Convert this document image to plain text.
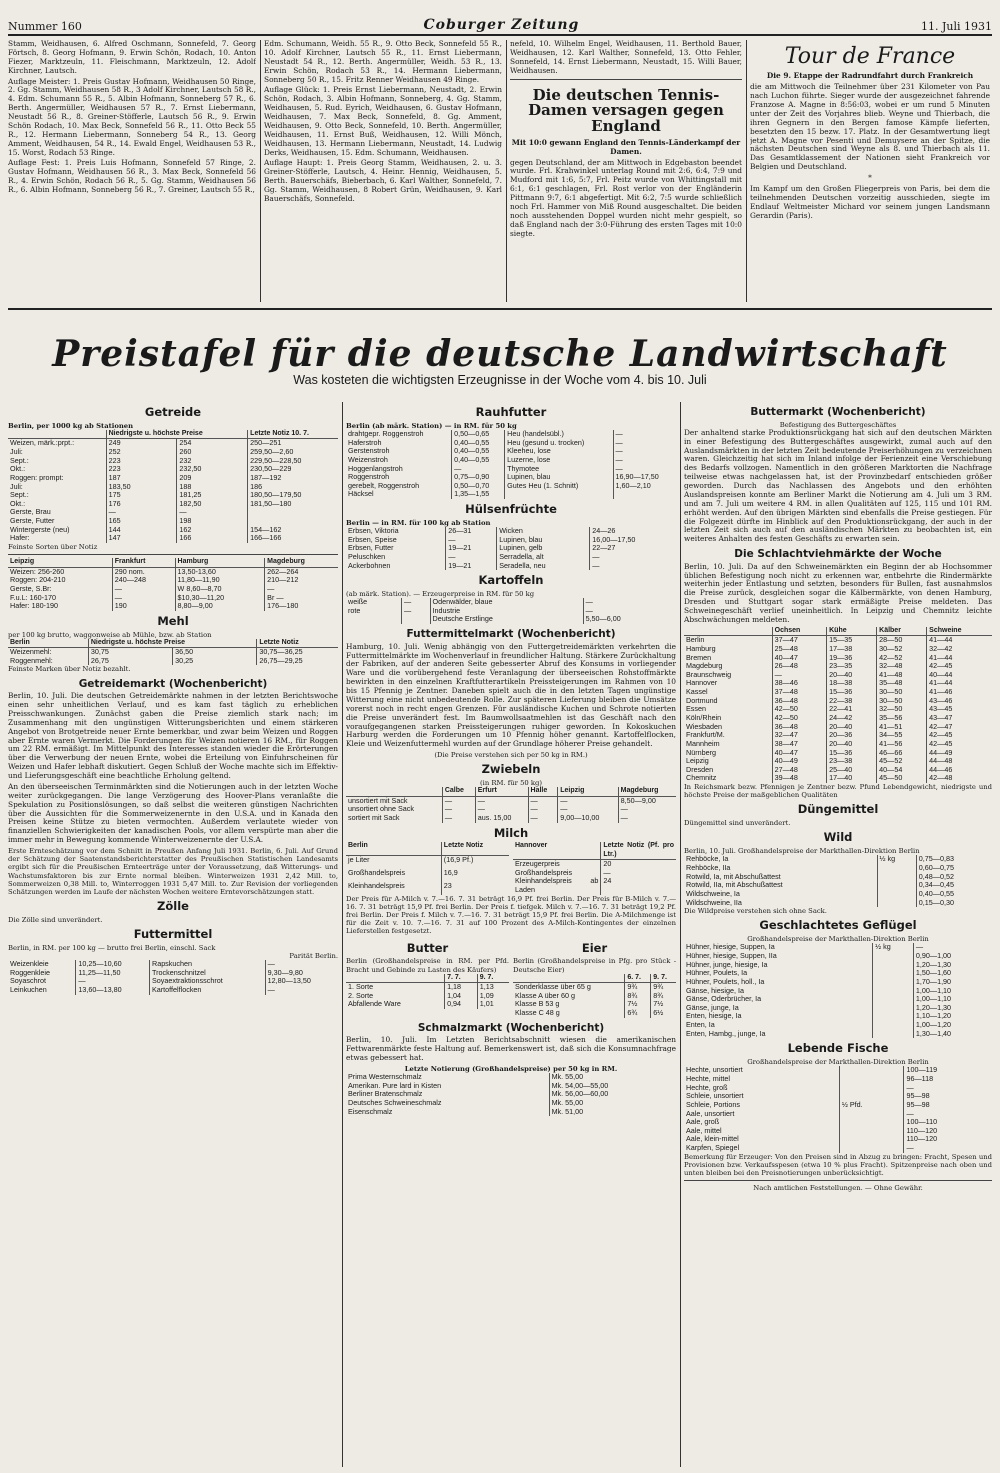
Nummer 160	Coburger Zeitung	11. Juli 1931

Stamm, Weidhausen, 6. Alfred Oschmann, Sonnefeld, 7. Georg Förtsch, 8. Georg Hofmann, 9. Erwin Schön, Rodach, 10. Anton Fiezer, Marktzeuln, 11. Fleischmann, Marktzeuln, 12. Adolf Kirchner, Lautsch.

Auflage Meister: 1. Preis Gustav Hofmann, Weidhausen 50 Ringe, 2. Gg. Stamm, Weidhausen 58 R., 3 Adolf Kirchner, Lautsch 58 R., 4. Edm. Schumann 55 R., 5. Albin Hofmann, Sonneberg 57 R., 6. Berth. Angermüller, Weidhausen 57 R., 7. Ernst Liebermann, Neustadt 56 R., 8. Greiner-Stöfferle, Lautsch 56 R., 9. Erwin Schön Rodach, 10. Max Beck, Sonnefeld 56 R., 11. Otto Beck 55 R., 12. Hermann Liebermann, Sonneberg 54 R., 13. Georg Amment, Weidhausen, 54 R., 14. Ewald Engel, Weidhausen 53 R., 15. Worst, Rodach 53 Ringe.

Auflage Fest: 1. Preis Luis Hofmann, Sonnefeld 57 Ringe, 2. Gustav Hofmann, Weidhausen 56 R., 3. Max Beck, Sonnefeld 56 R., 4. Erwin Schön, Rodach 56 R., 5. Gg. Stamm, Weidhausen 56 R., 6. Albin Hofmann, Sonneberg 56 R., 7. Greiner, Lautsch 55 R.,

Edm. Schumann, Weidh. 55 R., 9. Otto Beck, Sonnefeld 55 R., 10. Adolf Kirchner, Lautsch 55 R., 11. Ernst Liebermann, Neustadt 54 R., 12. Berth. Angermüller, Weidh. 53 R., 13. Erwin Schön, Rodach 53 R., 14. Hermann Liebermann, Sonneberg 50 R., 15. Fritz Renner Weidhausen 49 Ringe.

Auflage Glück: 1. Preis Ernst Liebermann, Neustadt, 2. Erwin Schön, Rodach, 3. Albin Hofmann, Sonneberg, 4. Gg. Stamm, Weidhausen, 5. Rud. Eyrich, Weidhausen, 6. Gustav Hofmann, Weidhausen, 7. Max Beck, Sonnefeld, 8. Gg. Amment, Weidhausen, 9. Otto Beck, Sonnefeld, 10. Berth. Angermüller, Weidhausen, 11. Ernst Buß, Weidhausen, 12. Willi Mönch, Weidhausen, 13. Hermann Liebermann, Neustadt, 14. Ludwig Derks, Weidhausen, 15. Edm. Schumann, Weidhausen.

Auflage Haupt: 1. Preis Georg Stamm, Weidhausen, 2. u. 3. Greiner-Stöfferle, Lautsch, 4. Heinr. Hennig, Weidhausen, 5. Berth. Bauerschäfs, Bieberbach, 6. Karl Walther, Sonnefeld, 7. Gg. Stamm, Weidhausen, 8 Robert Grün, Weidhausen, 9. Karl Bauerschäfs, Sonnefeld.

nefeld, 10. Wilhelm Engel, Weidhausen, 11. Berthold Bauer, Weidhausen, 12. Karl Walther, Sonnefeld, 13. Otto Fehler, Sonnefeld, 14. Ernst Liebermann, Neustadt, 15. Willi Bauer, Weidhausen.

Die deutschen Tennis-Damen versagen gegen England

Mit 10:0 gewann England den Tennis-Länderkampf der Damen.

gegen Deutschland, der am Mittwoch in Edgebaston beendet wurde. Frl. Krahwinkel unterlag Round mit 2:6, 6:4, 7:9 und Mudford mit 1:6, 5:7, Frl. Peitz wurde von Whittingstall mit 6:1, 6:1 geschlagen, Frl. Rost verlor von der Engländerin Pittmann 9:7, 6:1 abgefertigt. Mit 6:2, 7:5 wurde schließlich noch Frl. Hammer von Miß Round ausgeschaltet. Die beiden noch ausstehenden Doppel wurden nicht mehr gespielt, so daß England nach der 3:0-Führung des ersten Tages mit 10:0 siegte.

Tour de France

Die 9. Etappe der Radrundfahrt durch Frankreich

die am Mittwoch die Teilnehmer über 231 Kilometer von Pau nach Luchon führte. Sieger wurde der ausgezeichnet fahrende Franzose A. Magne in 8:56:03, wobei er um rund 5 Minuten unter der Zeit des Vorjahres blieb. Weyne und Thierbach, die ihren Gegnern in den Bergen famose Kämpfe lieferten, besetzten den 15 bezw. 17. Platz. In der Gesamtwertung liegt jetzt A. Magne vor Pesenti und Demuysere an der Spitze, die nächsten Deutschen sind Weyne als 8. und Thierbach als 11. Das Gesamtklassement der Nationen sieht Frankreich vor Belgien und Deutschland.

*

Im Kampf um den Großen Fliegerpreis von Paris, bei dem die teilnehmenden Deutschen vorzeitig ausschieden, siegte im Endlauf Weltmeister Michard vor seinem jungen Landsmann Gerardin (Paris).

Preistafel für die deutsche Landwirtschaft
Was kosteten die wichtigsten Erzeugnisse in der Woche vom 4. bis 10. Juli
Getreide
Berlin, per 1000 kg ab Stationen
	Niedrigste u. höchste Preise		Letzte Notiz 10. 7.
Weizen, märk.:prpt.:	249	254	250—251
Juli:	252	260	259,50—2,60
Sept.:	223	232	229,50—228,50
Okt.:	223	232,50	230,50—229
Roggen: prompt:	187	209	187—192
Juli:	183,50	188	186
Sept.:	175	181,25	180,50—179,50
Okt.:	176	182,50	181,50—180
Gerste, Brau	—	—	
Gerste, Futter	165	198	
Wintergerste (neu)	144	162	154—162
Hafer:	147	166	166—166
Feinste Sorten über Notiz
Leipzig	Frankfurt	Hamburg	Magdeburg
Weizen: 256-260	290 nom.	13,50-13,60	262—264
Roggen: 204-210	240—248	11,80—11,90	210—212
Gerste, S.Br:	—	W 8,60—8,70	—
F.u.L: 160-170	—	$10,30—11,20	Br —
Hafer: 180-190	190	8,80—9,00	176—180
Mehl
per 100 kg brutto, waggonweise ab Mühle, bzw. ab Station
Berlin	Niedrigste u. höchste Preise		Letzte Notiz
Weizenmehl:	30,75	36,50	30,75—36,25
Roggenmehl:	26,75	30,25	26,75—29,25
Feinste Marken über Notiz bezahlt.
Getreidemarkt (Wochenbericht)

Berlin, 10. Juli. Die deutschen Getreidemärkte nahmen in der letzten Berichtswoche einen sehr unheitlichen Verlauf, und es kam fast täglich zu erheblichen Preisschwankungen. Zunächst gaben die Preise ziemlich stark nach; im Zusammenhang mit den ungünstigen Witterungsberichten und einem stärkeren Angebot von Brotgetreide neuer Ernte bemerkbar, und zwar beim Weizen und Roggen aber Ernte waren Vermerkt. Die Forderungen für Weizen notieren 16 RM., für Roggen um 22 RM. ermäßigt. Im Mittelpunkt des Interesses standen wieder die Erörterungen über die Verwerbung der neuen Ernte, wobei die Erteilung von Einfuhrscheinen für Weizen und Hafer lebhaft diskutiert. Gegen Schluß der Woche machte sich im Effektiv- und Lieferungsgeschäft eine beachtliche Erholung geltend.

An den überseeischen Terminmärkten sind die Notierungen auch in der letzten Woche weiter zurückgegangen. Die lange Verzögerung des Hoover-Plans veranlaßte die Spekulation zu Positionslösungen, so daß selbst die weiteren günstigen Nachrichten über die Aussichten für die Sommerweizenernte in den U.S.A. und in Kanada den Preisen keine Stütze zu bieten vermochten. Außerdem verlautete wieder von finanziellen Schwierigkeiten der kanadischen Pools, vor allem verspürte man aber die immer mehr in Bewegung kommende Winterweizenernte der U.S.A.

Erste Ernteschätzung vor dem Schnitt in Preußen Anfang Juli 1931. Berlin, 6. Juli. Auf Grund der Schätzung der Saatenstandsberichterstatter des Preußischen Statistischen Landesamts ergibt sich für die Preußischen Ernteerträge unter der Voraussetzung, daß Witterungs- und Wachstumsfaktoren bis zur Ernte normal bleiben. Winterweizen 1931 2,42 Mill. to, Sommerweizen 0,38 Mill. to, Winterroggen 1931 5,47 Mill. to. Zur Revision der vorliegenden Schätzungen werden im Laufe der nächsten Wochen weitere Erntevorschätzungen statt.

Zölle
Die Zölle sind unverändert.
Futtermittel
Berlin, in RM. per 100 kg — brutto frei Berlin, einschl. Sack
Parität Berlin.
Weizenkleie	10,25—10,60	Rapskuchen	—
Roggenkleie	11,25—11,50	Trockenschnitzel	9,30—9,80
Soyaschrot	—	Soyaextraktionsschrot	12,80—13,50
Leinkuchen	13,60—13,80	Kartoffelflocken	—
Rauhfutter
Berlin (ab märk. Station) — in RM. für 50 kg
drahtgepr. Roggenstroh	0,50—0,65	Heu (handelsübl.)	—
Haferstroh	0,40—0,55	Heu (gesund u. trocken)	—
Gerstenstroh	0,40—0,55	Kleeheu, lose	—
Weizenstroh	0,40—0,55	Luzerne, lose	—
Hoggenlangstroh	—	Thymotee	—
Roggenstroh	0,75—0,90	Lupinen, blau	16,90—17,50
gerebelt, Roggenstroh	0,50—0,70	Gutes Heu (1. Schnitt)	1,60—2,10
Häcksel	1,35—1,55		
Hülsenfrüchte
Berlin — in RM. für 100 kg ab Station
Erbsen, Viktoria	26—31	Wicken	24—26
Erbsen, Speise	—	Lupinen, blau	16,00—17,50
Erbsen, Futter	19—21	Lupinen, gelb	22—27
Peluschken	—	Serradella, alt	—
Ackerbohnen	19—21	Seradella, neu	—
Kartoffeln
(ab märk. Station). — Erzeugerpreise in RM. für 50 kg
weiße	—	Odenwälder, blaue	—
rote	—	Industrie	—
		Deutsche Erstlinge	5,50—6,00
Futtermittelmarkt (Wochenbericht)

Hamburg, 10. Juli. Wenig abhängig von den Futtergetreidemärkten verkehrten die Futtermittelmärkte im Wochenverlauf in freundlicher Haltung. Stärkere Zurückhaltung der Fabriken, auf der anderen Seite gebesserter Abruf des Konsums in vorliegender Ware und die vorübergehend feste Veranlagung der überseeischen Rohstoffmärkte bewirkten in den einzelnen Kraftfutterartikeln Preissteigerungen im Rahmen von 10 bis 15 Pfennig je Zentner. Daneben spielt auch die in den letzten Tagen ungünstige Witterung eine nicht unbedeutende Rolle. Zur späteren Lieferung bleiben die Umsätze vorerst noch in recht engen Grenzen. Für ausländische Kuchen und Schrote notierten die Preise unverändert fest. Im Baumwollsaatmehlen ist das Geschäft nach den voraufgegangenen starken Preissteigerungen ruhiger geworden. In Kokoskuchen Harburg werden die Forderungen um 10 Pfennig höher genannt. Kartoffelflocken, Kleie und Weizenfuttermehl wurden auf der Grundlage höherer Preise gehandelt.

(Die Preise verstehen sich per 50 kg in RM.)

Zwiebeln
(in RM. für 50 kg)
	Calbe	Erfurt	Halle	Leipzig	Magdeburg
unsortiert mit Sack	—	—	—	—	8,50—9,00
unsortiert ohne Sack	—	—	—	—	—
sortiert mit Sack	—	aus. 15,00	—	9,00—10,00	—
Milch
Berlin	Letzte Notiz
je Liter	(16,9 Pf.)
Großhandelspreis	16,9
Kleinhandelspreis	23
Hannover	Letzte Notiz (Pf. pro Ltr.)
Erzeugerpreis	20
Großhandelspreis	—
Kleinhandelspreis ab Laden	24

Der Preis für A-Milch v. 7.—16. 7. 31 beträgt 16,9 Pf. frei Berlin. Der Preis für B-Milch v. 7.—16. 7. 31 beträgt 15,9 Pf. frei Berlin. Der Preis f. tiefgek. Milch v. 7.—16. 7. 31 beträgt 19,2 Pf. frei Berlin. Der Preis f. Milch v. 7.—16. 7. 31 beträgt 15,9 Pf. frei Berlin. Die A-Milchmenge ist für die Zeit v. 10. 7.—16. 7. 31 auf 100 Prozent des A-Milch-Kontingentes der einzelnen Lieferstellen festgesetzt.

Butter
Berlin (Großhandelspreise in RM. per Pfd. Bracht und Gebinde zu Lasten des Käufers)
	7. 7.	9. 7.
1. Sorte	1,18	1,13
2. Sorte	1,04	1,09
Abfallende Ware	0,94	1,01
Eier
Berlin (Großhandelspreise in Pfg. pro Stück - Deutsche Eier)
	6. 7.	9. 7.
Sonderklasse über 65 g	9¾	9¾
Klasse A über 60 g	8¾	8¾
Klasse B 53 g	7½	7½
Klasse C 48 g	6¾	6½
Schmalzmarkt (Wochenbericht)

Berlin, 10. Juli. Im Letzten Berichtsabschnitt wiesen die amerikanischen Fettwarenmärkte feste Haltung auf. Bemerkenswert ist, daß sich die Konsumnachfrage etwas gebessert hat.

Letzte Notierung (Großhandelspreise) per 50 kg in RM.
Prima Westernschmalz	Mk. 55,00
Amerikan. Pure lard in Kisten	Mk. 54,00—55,00
Berliner Bratenschmalz	Mk. 56,00—60,00
Deutsches Schweineschmalz	Mk. 55,00
Eisenschmalz	Mk. 51,00
Buttermarkt (Wochenbericht)
Befestigung des Buttergeschäftes

Der anhaltend starke Produktionsrückgang hat sich auf den deutschen Märkten in einer Befestigung des Buttergeschäftes ausgewirkt, zumal auch auf den Auslandsmärkten in der letzten Zeit bedeutende Preiserhöhungen zu verzeichnen waren. Gleichzeitig hat sich im Inland infolge der Ferienzeit eine Verschiebung des Bedarfs vollzogen. Namentlich in den größeren Marktorten die Nachfrage teilweise etwas nachgelassen hat, ist der Provinzbedarf entschieden größer geworden. Durch das Nachlassen des Angebots und den erhöhten Auslandspreisen konnte am Berliner Markt die Notierung am 4. Juli um 3 RM. und am 7. Juli um weitere 4 RM. in allen Qualitäten auf 125, 115 und 101 RM. erhöht werden. Auf den übrigen Märkten sind ebenfalls die Preise gestiegen. Für die Folgezeit dürfte im Hinblick auf den Produktionsrückgang, der auch in der letzten Zeit sich auch auf den ausländischen Märkten zu beobachten ist, ein weiteres Anhalten des festen Geschäfts zu erwarten sein.

Die Schlachtviehmärkte der Woche

Berlin, 10. Juli. Da auf den Schweinemärkten ein Beginn der ab Hochsommer üblichen Befestigung noch nicht zu erkennen war, entbehrte die Rindermärkte weiterhin jeder Entlastung und setzten, besonders für Bullen, fast ausnahmslos die Preise zurück, desgleichen sogar die Kälbermärkte, von denen Hamburg, Dresden und Stuttgart sogar stark ermäßigte Preise meldeten. Das Schweinegeschäft verlief uneinheitlich. In Leipzig und Chemnitz leichte Abschwächungen meldeten.

	Ochsen	Kühe	Kälber	Schweine
Berlin	37—47	15—35	28—50	41—44
Hamburg	25—48	17—38	30—52	32—42
Bremen	40—47	19—36	42—52	41—44
Magdeburg	26—48	23—35	32—48	42—45
Braunschweig	—	20—40	41—48	40—44
Hannover	38—46	18—38	35—48	41—44
Kassel	37—48	15—36	30—50	41—46
Dortmund	36—48	22—38	30—50	43—46
Essen	42—50	22—41	32—50	43—45
Köln/Rhein	42—50	24—42	35—56	43—47
Wiesbaden	36—48	20—40	41—51	42—47
Frankfurt/M.	32—47	20—36	34—55	42—45
Mannheim	38—47	20—40	41—56	42—45
Nürnberg	40—47	15—36	46—66	44—49
Leipzig	40—49	23—38	45—52	44—48
Dresden	27—48	25—40	40—54	44—46
Chemnitz	39—48	17—40	45—50	42—48
In Reichsmark bezw. Pfennigen je Zentner bezw. Pfund Lebendgewicht, niedrigste und höchste Preise der maßgeblichen Qualitäten
Düngemittel
Düngemittel sind unverändert.
Wild
Berlin, 10. Juli. Großhandelspreise der Markthallen-Direktion Berlin
Rehböcke, Ia	½ kg	0,75—0,83
Rehböcke, IIa		0,60—0,75
Rotwild, Ia, mit Abschußattest		0,48—0,52
Rotwild, IIa, mit Abschußattest		0,34—0,45
Wildschweine, Ia		0,40—0,55
Wildschweine, IIa		0,15—0,30
Die Wildpreise verstehen sich ohne Sack.
Geschlachtetes Geflügel
Großhandelspreise der Markthallen-Direktion Berlin
Hühner, hiesige, Suppen, Ia	½ kg	—
Hühner, hiesige, Suppen, IIa		0,90—1,00
Hühner, junge, hiesige, Ia		1,20—1,30
Hühner, Poulets, Ia		1,50—1,60
Hühner, Poulets, holl., Ia		1,70—1,90
Gänse, hiesige, Ia		1,00—1,10
Gänse, Oderbrücher, Ia		1,00—1,10
Gänse, junge, Ia		1,20—1,30
Enten, hiesige, Ia		1,10—1,20
Enten, Ia		1,00—1,20
Enten, Hambg., junge, Ia		1,30—1,40
Lebende Fische
Großhandelspreise der Markthallen-Direktion Berlin
Hechte, unsortiert		100—119
Hechte, mittel		96—118
Hechte, groß		—
Schleie, unsortiert		95—98
Schleie, Portions	½ Pfd.	95—98
Aale, unsortiert		—
Aale, groß		100—110
Aale, mittel		110—120
Aale, klein-mittel		110—120
Karpfen, Spiegel		—

Bemerkung für Erzeuger: Von den Preisen sind in Abzug zu bringen: Fracht, Spesen und Provisionen bzw. Verkaufsspesen (etwa 10 % plus Fracht). Spitzenpreise nach oben und unten bleiben bei den Preisnotierungen unberücksichtigt.

Nach amtlichen Feststellungen. — Ohne Gewähr.
